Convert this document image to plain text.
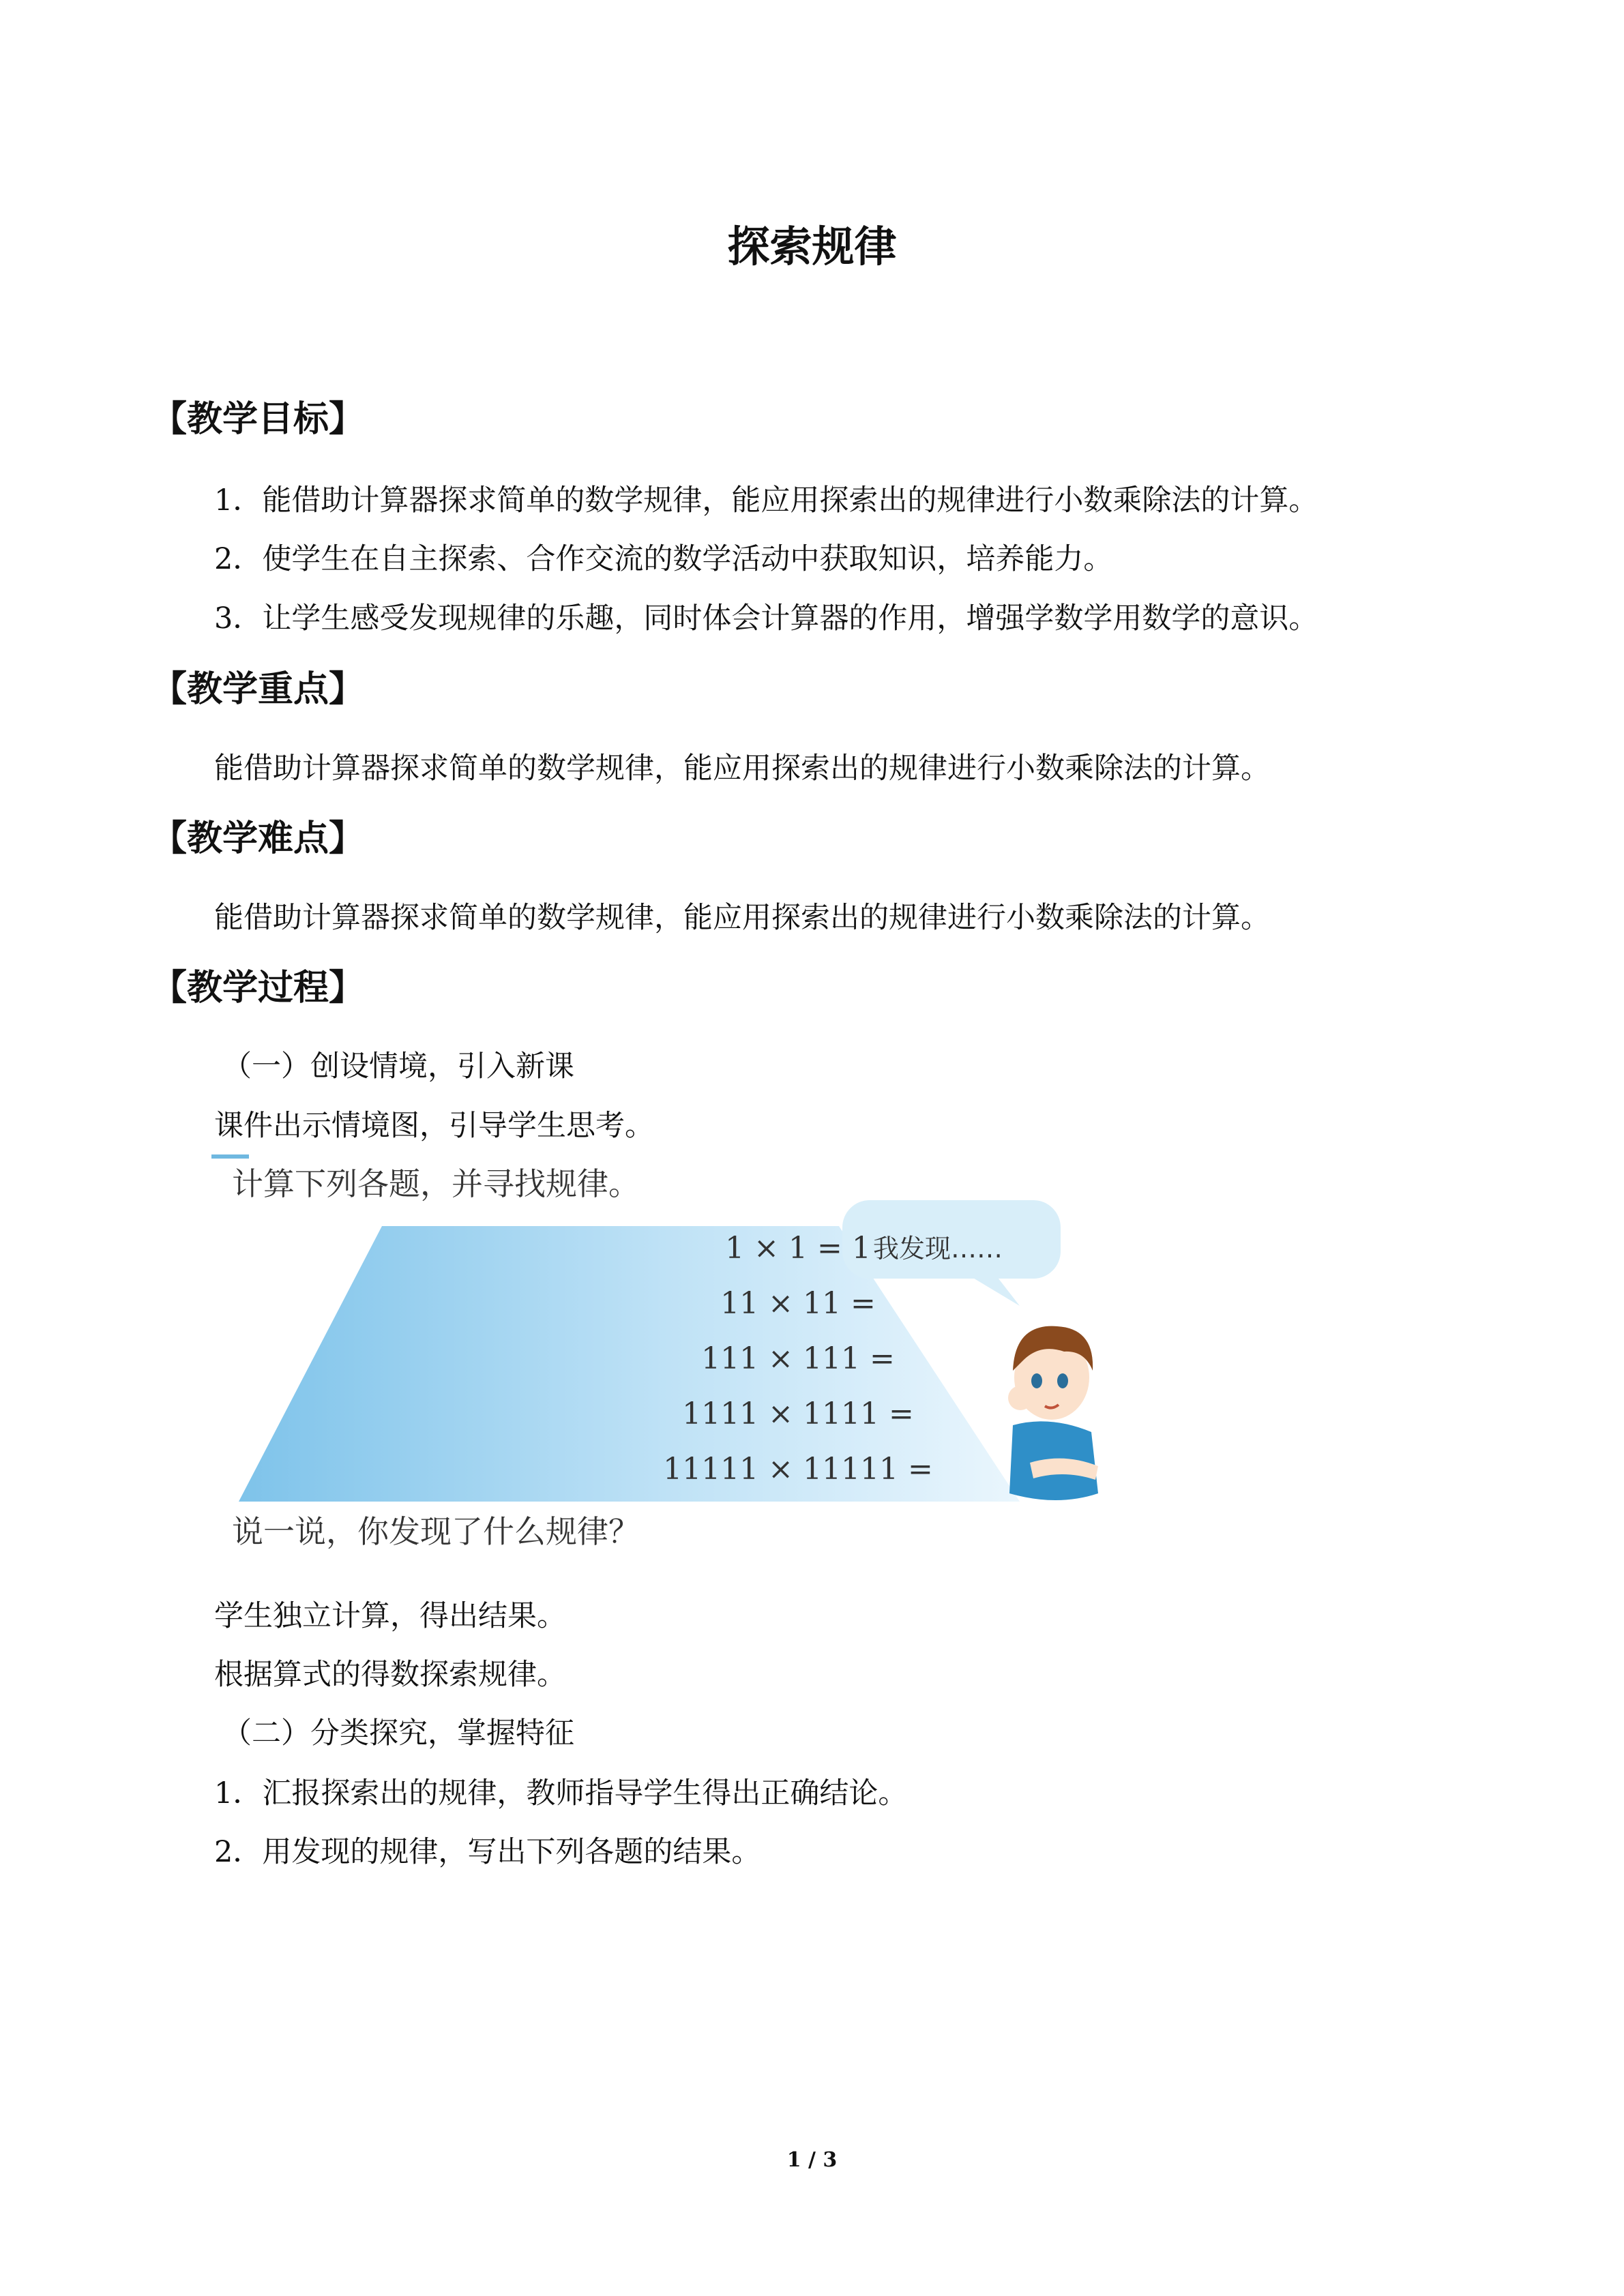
探索规律
【教学目标】
1．能借助计算器探求简单的数学规律，能应用探索出的规律进行小数乘除法的计算。
2．使学生在自主探索、合作交流的数学活动中获取知识，培养能力。
3．让学生感受发现规律的乐趣，同时体会计算器的作用，增强学数学用数学的意识。
【教学重点】
能借助计算器探求简单的数学规律，能应用探索出的规律进行小数乘除法的计算。
【教学难点】
能借助计算器探求简单的数学规律，能应用探索出的规律进行小数乘除法的计算。
【教学过程】
（一）创设情境，引入新课
课件出示情境图，引导学生思考。
计算下列各题，并寻找规律。
1 × 1 = 1
11 × 11 =
111 × 111 =
1111 × 1111 =
11111 × 11111 =
我发现……
说一说，你发现了什么规律？
学生独立计算，得出结果。
根据算式的得数探索规律。
（二）分类探究，掌握特征
1．汇报探索出的规律，教师指导学生得出正确结论。
2．用发现的规律，写出下列各题的结果。
1 / 3
